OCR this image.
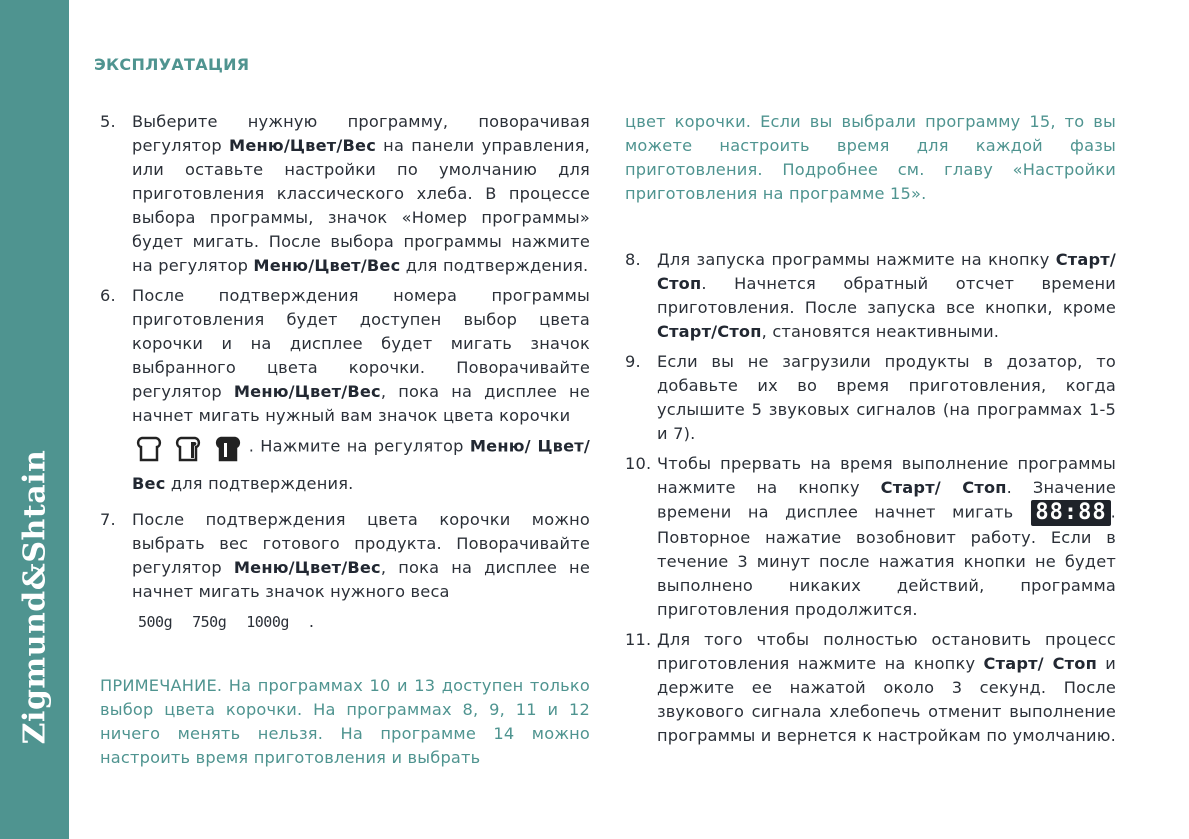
Zigmund&Shtain
ЭКСПЛУАТАЦИЯ
5. Выберите нужную программу, поворачивая регулятор Меню/Цвет/Вес на панели управления, или оставьте настройки по умолчанию для приготовления классического хлеба. В процессе выбора программы, значок «Номер программы» будет мигать. После выбора программы нажмите на регулятор Меню/Цвет/Вес для подтверждения.

6. После подтверждения номера программы приготовления будет доступен выбор цвета корочки и на дисплее будет мигать значок выбранного цвета корочки. Поворачивайте регулятор Меню/Цвет/Вес, пока на дисплее не начнет мигать нужный вам значок цвета корочки

. Нажмите на регулятор Меню/ Цвет/Вес для подтверждения.

7. После подтверждения цвета корочки можно выбрать вес готового продукта. Поворачивайте регулятор Меню/Цвет/Вес, пока на дисплее не начнет мигать значок нужного веса

500g 750g 1000g .

ПРИМЕЧАНИЕ. На программах 10 и 13 доступен только выбор цвета корочки. На программах 8, 9, 11 и 12 ничего менять нельзя. На программе 14 можно настроить время приготовления и выбрать

цвет корочки. Если вы выбрали программу 15, то вы можете настроить время для каждой фазы приготовления. Подробнее см. главу «Настройки приготовления на программе 15».

8. Для запуска программы нажмите на кнопку Старт/Стоп. Начнется обратный отсчет времени приготовления. После запуска все кнопки, кроме Старт/Стоп, становятся неактивными.

9. Если вы не загрузили продукты в дозатор, то добавьте их во время приготовления, когда услышите 5 звуковых сигналов (на программах 1-5 и 7).

10. Чтобы прервать на время выполнение программы нажмите на кнопку Старт/ Стоп. Значение времени на дисплее начнет мигать 88:88 . Повторное нажатие возобновит работу. Если в течение 3 минут после нажатия кнопки не будет выполнено никаких действий, программа приготовления продолжится.

11. Для того чтобы полностью остановить процесс приготовления нажмите на кнопку Старт/ Стоп и держите ее нажатой около 3 секунд. После звукового сигнала хлебопечь отменит выполнение программы и вернется к настройкам по умолчанию.
